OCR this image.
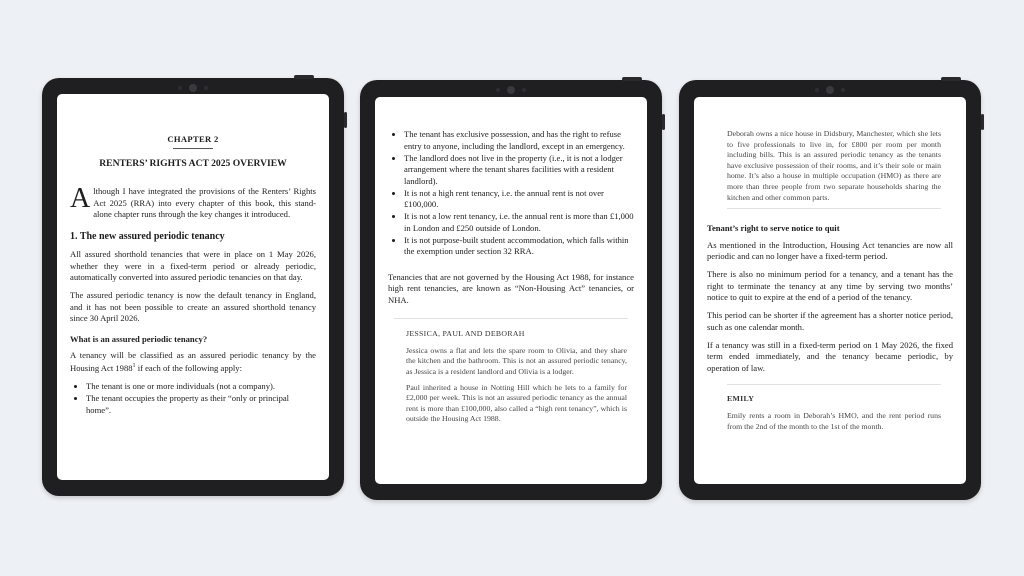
CHAPTER 2
RENTERS’ RIGHTS ACT 2025 OVERVIEW

Although I have integrated the provisions of the Renters’ Rights Act 2025 (RRA) into every chapter of this book, this stand-alone chapter runs through the key changes it introduced.

1. The new assured periodic tenancy

All assured shorthold tenancies that were in place on 1 May 2026, whether they were in a fixed-term period or already periodic, automatically converted into assured periodic tenancies on that day.

The assured periodic tenancy is now the default tenancy in England, and it has not been possible to create an assured shorthold tenancy since 30 April 2026.

What is an assured periodic tenancy?

A tenancy will be classified as an assured periodic tenancy by the Housing Act 1988$^1$ if each of the following apply:

• The tenant is one or more individuals (not a company).
• The tenant occupies the property as their “only or principal home”.
• The tenant has exclusive possession, and has the right to refuse entry to anyone, including the landlord, except in an emergency.
• The landlord does not live in the property (i.e., it is not a lodger arrangement where the tenant shares facilities with a resident landlord).
• It is not a high rent tenancy, i.e. the annual rent is not over £100,000.
• It is not a low rent tenancy, i.e. the annual rent is more than £1,000 in London and £250 outside of London.
• It is not purpose-built student accommodation, which falls within the exemption under section 32 RRA.

Tenancies that are not governed by the Housing Act 1988, for instance high rent tenancies, are known as “Non-Housing Act” tenancies, or NHA.

JESSICA, PAUL AND DEBORAH

Jessica owns a flat and lets the spare room to Olivia, and they share the kitchen and the bathroom. This is not an assured periodic tenancy, as Jessica is a resident landlord and Olivia is a lodger.

Paul inherited a house in Notting Hill which he lets to a family for £2,000 per week. This is not an assured periodic tenancy as the annual rent is more than £100,000, also called a “high rent tenancy”, which is outside the Housing Act 1988.

Deborah owns a nice house in Didsbury, Manchester, which she lets to five professionals to live in, for £800 per room per month including bills. This is an assured periodic tenancy as the tenants have exclusive possession of their rooms, and it’s their sole or main home. It’s also a house in multiple occupation (HMO) as there are more than three people from two separate households sharing the kitchen and other common parts.

Tenant’s right to serve notice to quit

As mentioned in the Introduction, Housing Act tenancies are now all periodic and can no longer have a fixed-term period.

There is also no minimum period for a tenancy, and a tenant has the right to terminate the tenancy at any time by serving two months’ notice to quit to expire at the end of a period of the tenancy.

This period can be shorter if the agreement has a shorter notice period, such as one calendar month.

If a tenancy was still in a fixed-term period on 1 May 2026, the fixed term ended immediately, and the tenancy became periodic, by operation of law.

EMILY

Emily rents a room in Deborah’s HMO, and the rent period runs from the 2nd of the month to the 1st of the month.
